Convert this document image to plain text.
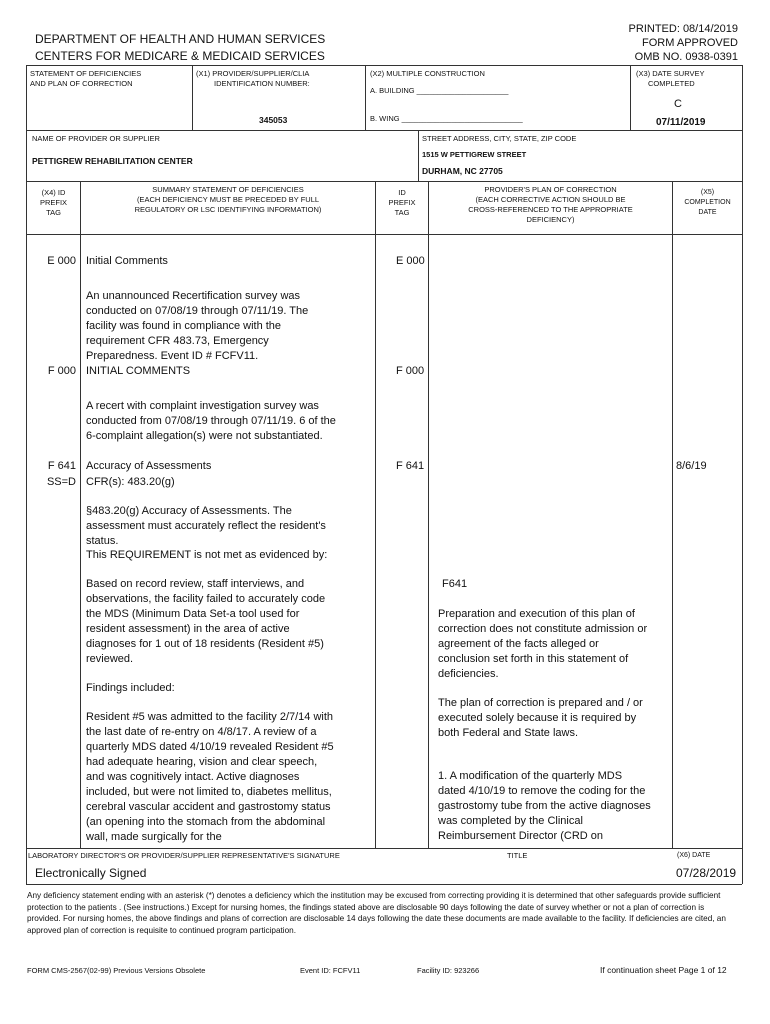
DEPARTMENT OF HEALTH AND HUMAN SERVICES
CENTERS FOR MEDICARE & MEDICAID SERVICES
PRINTED: 08/14/2019
FORM APPROVED
OMB NO. 0938-0391
STATEMENT OF DEFICIENCIES
AND PLAN OF CORRECTION
(X1) PROVIDER/SUPPLIER/CLIA
IDENTIFICATION NUMBER:
345053
(X2) MULTIPLE CONSTRUCTION
A. BUILDING ______________________
B. WING _____________________________
(X3) DATE SURVEY
COMPLETED
C
07/11/2019
NAME OF PROVIDER OR SUPPLIER
PETTIGREW REHABILITATION CENTER
STREET ADDRESS, CITY, STATE, ZIP CODE
1515 W PETTIGREW STREET
DURHAM, NC 27705
(X4) ID
PREFIX
TAG
SUMMARY STATEMENT OF DEFICIENCIES
(EACH DEFICIENCY MUST BE PRECEDED BY FULL
REGULATORY OR LSC IDENTIFYING INFORMATION)
ID
PREFIX
TAG
PROVIDER'S PLAN OF CORRECTION
(EACH CORRECTIVE ACTION SHOULD BE
CROSS-REFERENCED TO THE APPROPRIATE
DEFICIENCY)
(X5)
COMPLETION
DATE
E 000 Initial Comments	E 000
An unannounced Recertification survey was conducted on 07/08/19 through 07/11/19. The facility was found in compliance with the requirement CFR 483.73, Emergency Preparedness. Event ID # FCFV11.
F 000 INITIAL COMMENTS	F 000
A recert with complaint investigation survey was conducted from 07/08/19 through 07/11/19. 6 of the 6-complaint allegation(s) were not substantiated.
F 641
SS=D
Accuracy of Assessments
CFR(s): 483.20(g)
F 641	8/6/19
§483.20(g) Accuracy of Assessments. The assessment must accurately reflect the resident's status.
This REQUIREMENT is not met as evidenced by:
Based on record review, staff interviews, and observations, the facility failed to accurately code the MDS (Minimum Data Set-a tool used for resident assessment) in the area of active diagnoses for 1 out of 18 residents (Resident #5) reviewed.
Findings included:
Resident #5 was admitted to the facility 2/7/14 with the last date of re-entry on 4/8/17. A review of a quarterly MDS dated 4/10/19 revealed Resident #5 had adequate hearing, vision and clear speech, and was cognitively intact. Active diagnoses included, but were not limited to, diabetes mellitus, cerebral vascular accident and gastrostomy status (an opening into the stomach from the abdominal wall, made surgically for the
F641
Preparation and execution of this plan of correction does not constitute admission or agreement of the facts alleged or conclusion set forth in this statement of deficiencies.
The plan of correction is prepared and / or executed solely because it is required by both Federal and State laws.
1. A modification of the quarterly MDS dated 4/10/19 to remove the coding for the gastrostomy tube from the active diagnoses was completed by the Clinical Reimbursement Director (CRD on
LABORATORY DIRECTOR'S OR PROVIDER/SUPPLIER REPRESENTATIVE'S SIGNATURE	TITLE	(X6) DATE
Electronically Signed	07/28/2019
Any deficiency statement ending with an asterisk (*) denotes a deficiency which the institution may be excused from correcting providing it is determined that other safeguards provide sufficient protection to the patients . (See instructions.) Except for nursing homes, the findings stated above are disclosable 90 days following the date of survey whether or not a plan of correction is provided. For nursing homes, the above findings and plans of correction are disclosable 14 days following the date these documents are made available to the facility. If deficiencies are cited, an approved plan of correction is requisite to continued program participation.
FORM CMS-2567(02-99) Previous Versions Obsolete	Event ID: FCFV11	Facility ID: 923266	If continuation sheet Page 1 of 12
